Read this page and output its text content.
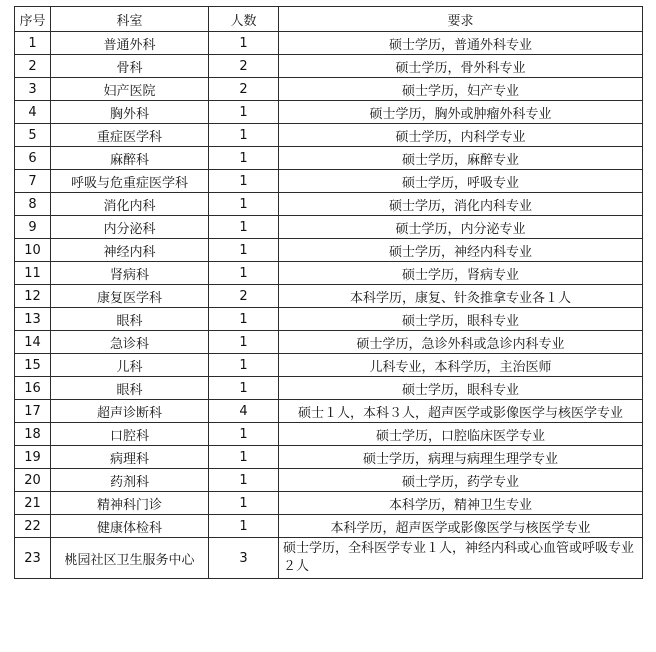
序号	科室	人数	要求
1	普通外科	1	硕士学历，普通外科专业
2	骨科	2	硕士学历，骨外科专业
3	妇产医院	2	硕士学历，妇产专业
4	胸外科	1	硕士学历，胸外或肿瘤外科专业
5	重症医学科	1	硕士学历，内科学专业
6	麻醉科	1	硕士学历，麻醉专业
7	呼吸与危重症医学科	1	硕士学历，呼吸专业
8	消化内科	1	硕士学历，消化内科专业
9	内分泌科	1	硕士学历，内分泌专业
10	神经内科	1	硕士学历，神经内科专业
11	肾病科	1	硕士学历，肾病专业
12	康复医学科	2	本科学历，康复、针灸推拿专业各１人
13	眼科	1	硕士学历，眼科专业
14	急诊科	1	硕士学历，急诊外科或急诊内科专业
15	儿科	1	儿科专业，本科学历，主治医师
16	眼科	1	硕士学历，眼科专业
17	超声诊断科	4	硕士１人，本科３人，超声医学或影像医学与核医学专业
18	口腔科	1	硕士学历，口腔临床医学专业
19	病理科	1	硕士学历，病理与病理生理学专业
20	药剂科	1	硕士学历，药学专业
21	精神科门诊	1	本科学历，精神卫生专业
22	健康体检科	1	本科学历，超声医学或影像医学与核医学专业
23	桃园社区卫生服务中心	3	硕士学历，全科医学专业１人，神经内科或心血管或呼吸专业２人
